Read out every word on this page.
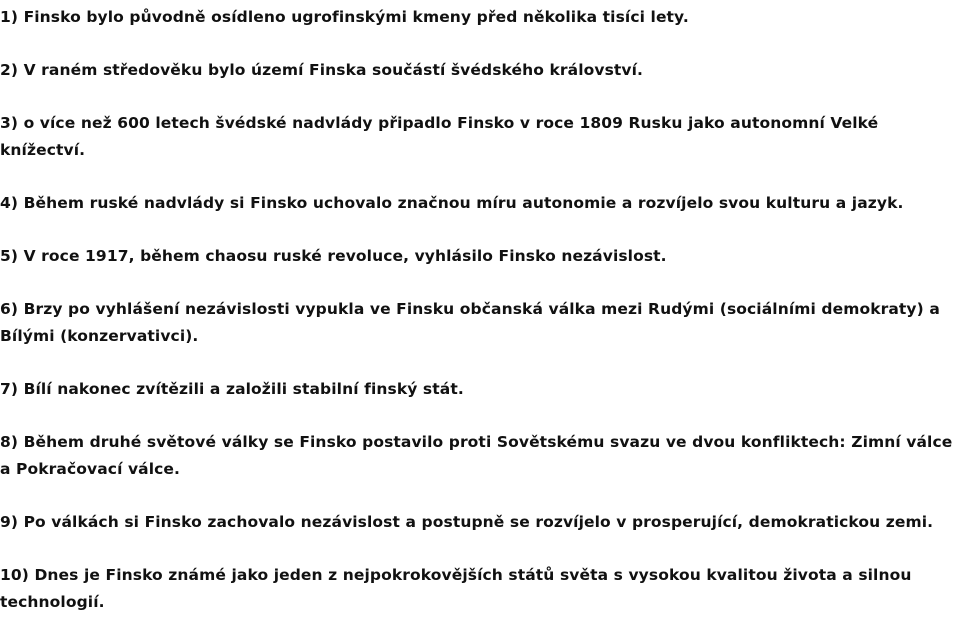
1) Finsko bylo původně osídleno ugrofinskými kmeny před několika tisíci lety.
2) V raném středověku bylo území Finska součástí švédského království.
3) o více než 600 letech švédské nadvlády připadlo Finsko v roce 1809 Rusku jako autonomní Velké knížectví.
4) Během ruské nadvlády si Finsko uchovalo značnou míru autonomie a rozvíjelo svou kulturu a jazyk.
5) V roce 1917, během chaosu ruské revoluce, vyhlásilo Finsko nezávislost.
6) Brzy po vyhlášení nezávislosti vypukla ve Finsku občanská válka mezi Rudými (sociálními demokraty) a Bílými (konzervativci).
7) Bílí nakonec zvítězili a založili stabilní finský stát.
8) Během druhé světové války se Finsko postavilo proti Sovětskému svazu ve dvou konfliktech: Zimní válce a Pokračovací válce.
9) Po válkách si Finsko zachovalo nezávislost a postupně se rozvíjelo v prosperující, demokratickou zemi.
10) Dnes je Finsko známé jako jeden z nejpokrokovějších států světa s vysokou kvalitou života a silnou technologií.
